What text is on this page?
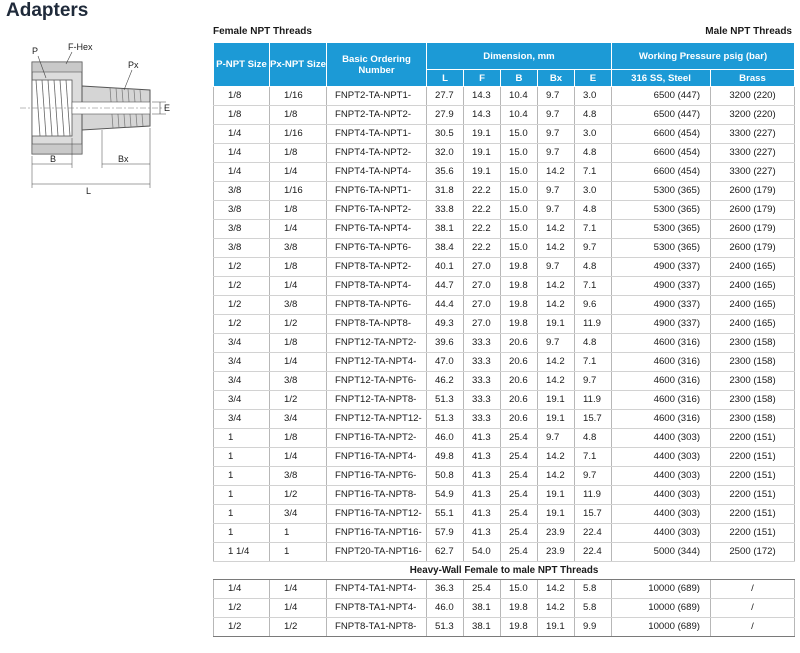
Adapters
P	F-Hex
Px
E
B	Bx
L
Female NPT Threads	Male NPT Threads
P-NPT Size	Px-NPT Size	Basic Ordering Number	Dimension, mm					Working Pressure psig (bar)	
			L	F	B	Bx	E	316 SS, Steel	Brass
1/8	1/16	FNPT2-TA-NPT1-	27.7	14.3	10.4	9.7	3.0	6500 (447)	3200 (220)
1/8	1/8	FNPT2-TA-NPT2-	27.9	14.3	10.4	9.7	4.8	6500 (447)	3200 (220)
1/4	1/16	FNPT4-TA-NPT1-	30.5	19.1	15.0	9.7	3.0	6600 (454)	3300 (227)
1/4	1/8	FNPT4-TA-NPT2-	32.0	19.1	15.0	9.7	4.8	6600 (454)	3300 (227)
1/4	1/4	FNPT4-TA-NPT4-	35.6	19.1	15.0	14.2	7.1	6600 (454)	3300 (227)
3/8	1/16	FNPT6-TA-NPT1-	31.8	22.2	15.0	9.7	3.0	5300 (365)	2600 (179)
3/8	1/8	FNPT6-TA-NPT2-	33.8	22.2	15.0	9.7	4.8	5300 (365)	2600 (179)
3/8	1/4	FNPT6-TA-NPT4-	38.1	22.2	15.0	14.2	7.1	5300 (365)	2600 (179)
3/8	3/8	FNPT6-TA-NPT6-	38.4	22.2	15.0	14.2	9.7	5300 (365)	2600 (179)
1/2	1/8	FNPT8-TA-NPT2-	40.1	27.0	19.8	9.7	4.8	4900 (337)	2400 (165)
1/2	1/4	FNPT8-TA-NPT4-	44.7	27.0	19.8	14.2	7.1	4900 (337)	2400 (165)
1/2	3/8	FNPT8-TA-NPT6-	44.4	27.0	19.8	14.2	9.6	4900 (337)	2400 (165)
1/2	1/2	FNPT8-TA-NPT8-	49.3	27.0	19.8	19.1	11.9	4900 (337)	2400 (165)
3/4	1/8	FNPT12-TA-NPT2-	39.6	33.3	20.6	9.7	4.8	4600 (316)	2300 (158)
3/4	1/4	FNPT12-TA-NPT4-	47.0	33.3	20.6	14.2	7.1	4600 (316)	2300 (158)
3/4	3/8	FNPT12-TA-NPT6-	46.2	33.3	20.6	14.2	9.7	4600 (316)	2300 (158)
3/4	1/2	FNPT12-TA-NPT8-	51.3	33.3	20.6	19.1	11.9	4600 (316)	2300 (158)
3/4	3/4	FNPT12-TA-NPT12-	51.3	33.3	20.6	19.1	15.7	4600 (316)	2300 (158)
1	1/8	FNPT16-TA-NPT2-	46.0	41.3	25.4	9.7	4.8	4400 (303)	2200 (151)
1	1/4	FNPT16-TA-NPT4-	49.8	41.3	25.4	14.2	7.1	4400 (303)	2200 (151)
1	3/8	FNPT16-TA-NPT6-	50.8	41.3	25.4	14.2	9.7	4400 (303)	2200 (151)
1	1/2	FNPT16-TA-NPT8-	54.9	41.3	25.4	19.1	11.9	4400 (303)	2200 (151)
1	3/4	FNPT16-TA-NPT12-	55.1	41.3	25.4	19.1	15.7	4400 (303)	2200 (151)
1	1	FNPT16-TA-NPT16-	57.9	41.3	25.4	23.9	22.4	4400 (303)	2200 (151)
1 1/4	1	FNPT20-TA-NPT16-	62.7	54.0	25.4	23.9	22.4	5000 (344)	2500 (172)
Heavy-Wall Female to male NPT Threads									
1/4	1/4	FNPT4-TA1-NPT4-	36.3	25.4	15.0	14.2	5.8	10000 (689)	/
1/2	1/4	FNPT8-TA1-NPT4-	46.0	38.1	19.8	14.2	5.8	10000 (689)	/
1/2	1/2	FNPT8-TA1-NPT8-	51.3	38.1	19.8	19.1	9.9	10000 (689)	/
